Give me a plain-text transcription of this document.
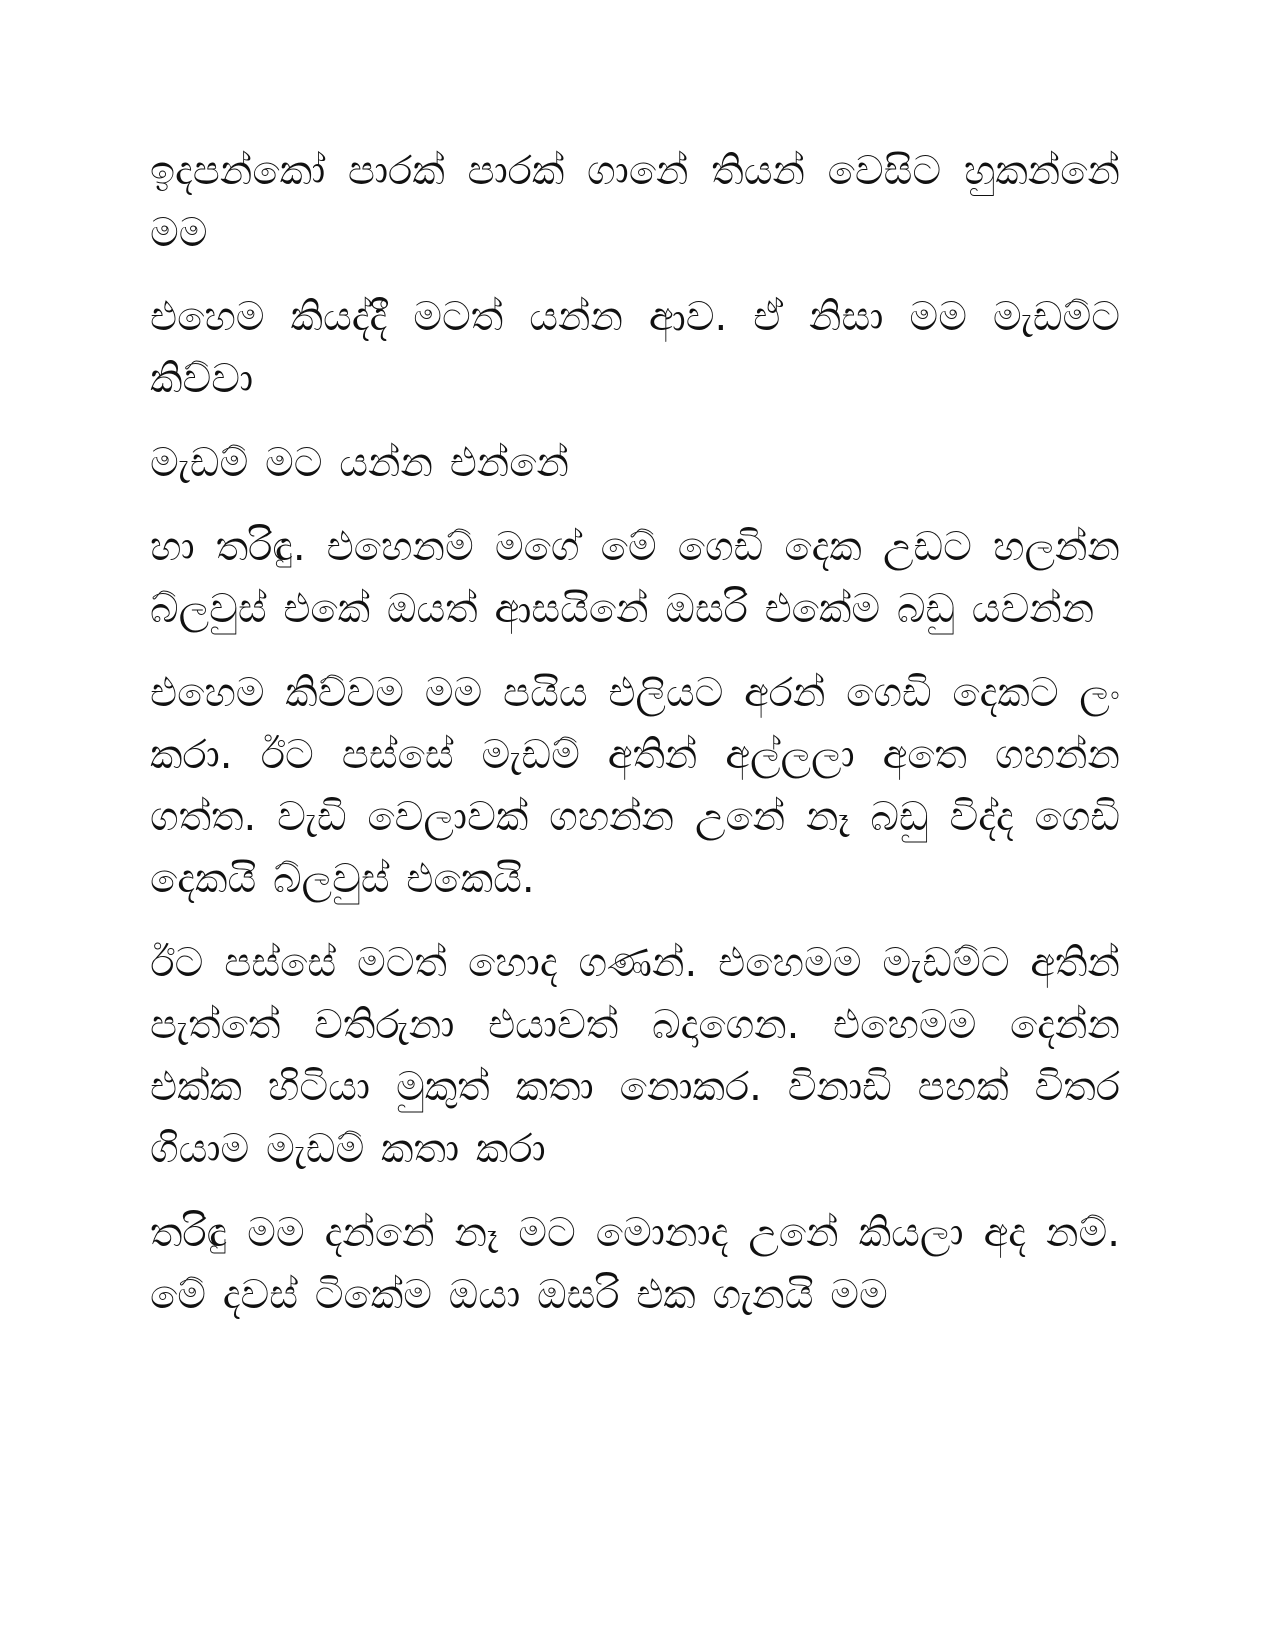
ඉදපන්කෝ පාරක් පාරක් ගානේ තියන් වෙසිට හුකන්නේ මම

එහෙම කියද්දී මටත් යන්න ආව. ඒ නිසා මම මැඩම්ට කිව්වා

මැඩම් මට යන්න එන්නේ

හා තරිඳු. එහෙනම් මගේ මේ ගෙඩි දෙක උඩට හලන්න බ්ලවුස් එකේ ඔයත් ආසයිනේ ඔසරි එකේම බඩු යවන්න

එහෙම කිව්වම මම පයිය එලියට අරන් ගෙඩි දෙකට ලං කරා. ඊට පස්සේ මැඩම් අතින් අල්ලලා අතෙ ගහන්න ගත්ත. වැඩි වෙලාවක් ගහන්න උනේ නෑ බඩු විද්ද ගෙඩි දෙකයි බ්ලවුස් එකෙයි.

ඊට පස්සේ මටත් හොද ගණන්. එහෙමම මැඩම්ට අතින් පැත්තේ වතිරුනා එයාවත් බදාගෙන. එහෙමම දෙන්න එක්ක හිටියා මුකුත් කතා නොකර. විනාඩි පහක් විතර ගියාම මැඩම් කතා කරා

තරිඳු මම දන්නේ නෑ මට මොනාද උනේ කියලා අද නම්. මේ දවස් ටිකේම ඔයා ඔසරි එක ගැනයි මම
